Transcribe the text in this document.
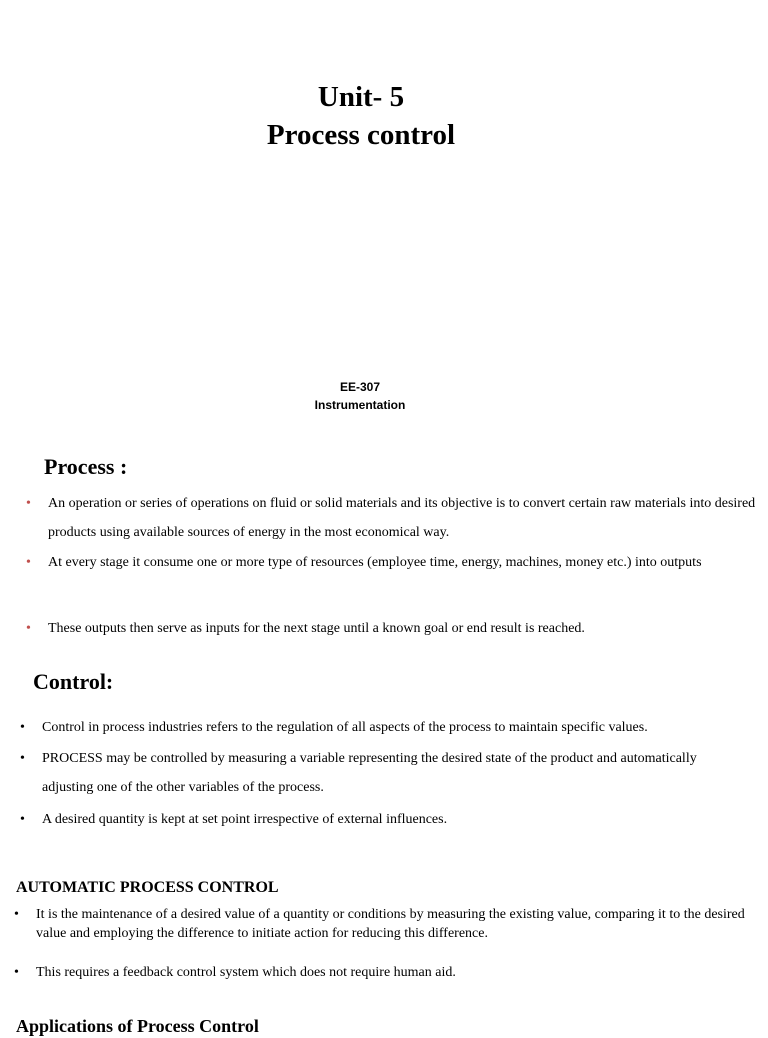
Unit- 5
Process control
EE-307
Instrumentation
Process :
•	An operation or series of operations on fluid or solid materials and its objective is to convert certain raw materials into desired products using available sources of energy in the most economical way.
•	At every stage it consume one or more type of resources (employee time, energy, machines, money etc.) into outputs
•	These outputs then serve as inputs for the next stage until a known goal or end result is reached.
Control:
•	Control in process industries refers to the regulation of all aspects of the process to maintain specific values.
•	PROCESS may be controlled by measuring a variable representing the desired state of the product and automatically adjusting one of the other variables of the process.
•	A desired quantity is kept at set point irrespective of external influences.
AUTOMATIC PROCESS CONTROL
•	It is the maintenance of a desired value of a quantity or conditions by measuring the existing value, comparing it to the desired value and employing the difference to initiate action for reducing this difference.
•	This requires a feedback control system which does not require human aid.
Applications of Process Control
